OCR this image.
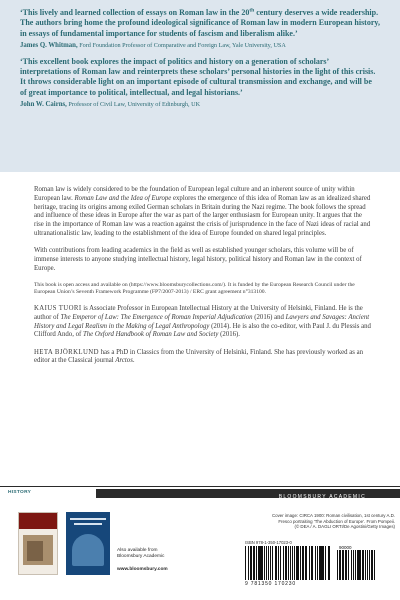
‘This lively and learned collection of essays on Roman law in the 20th century deserves a wide readership. The authors bring home the profound ideological significance of Roman law in modern European history, in essays of fundamental importance for students of fascism and liberalism alike.’
James Q. Whitman, Ford Foundation Professor of Comparative and Foreign Law, Yale University, USA
‘This excellent book explores the impact of politics and history on a generation of scholars’ interpretations of Roman law and reinterprets these scholars’ personal histories in the light of this crisis. It throws considerable light on an important episode of cultural transmission and exchange, and will be of great importance to political, intellectual, and legal historians.’
John W. Cairns, Professor of Civil Law, University of Edinburgh, UK

Roman law is widely considered to be the foundation of European legal culture and an inherent source of unity within European law. Roman Law and the Idea of Europe explores the emergence of this idea of Roman law as an idealized shared heritage, tracing its origins among exiled German scholars in Britain during the Nazi regime. The book follows the spread and influence of these ideas in Europe after the war as part of the larger enthusiasm for European unity. It argues that the rise in the importance of Roman law was a reaction against the crisis of jurisprudence in the face of Nazi ideas of racial and ultranationalistic law, leading to the establishment of the idea of Europe founded on shared legal principles.

With contributions from leading academics in the field as well as established younger scholars, this volume will be of immense interests to anyone studying intellectual history, legal history, political history and Roman law in the context of Europe.

This book is open access and available on (https://www.bloomsburycollections.com/). It is funded by the European Research Council under the European Union’s Seventh Framework Programme (FP7/2007-2013) / ERC grant agreement n°313100.

KAIUS TUORI is Associate Professor in European Intellectual History at the University of Helsinki, Finland. He is the author of The Emperor of Law: The Emergence of Roman Imperial Adjudication (2016) and Lawyers and Savages: Ancient History and Legal Realism in the Making of Legal Anthropology (2014). He is also the co-editor, with Paul J. du Plessis and Clifford Ando, of The Oxford Handbook of Roman Law and Society (2016).

HETA BJÖRKLUND has a PhD in Classics from the University of Helsinki, Finland. She has previously worked as an editor at the Classical journal Arctos.

HISTORY
BLOOMSBURY ACADEMIC
Also available from
Bloomsbury Academic
www.bloomsbury.com
Cover image: CIRCA 1900: Roman civilisation, 1st century A.D.
Fresco portraiting ‘The Abduction of Europe’. From Pompeii.
(© DEA / A. DAGLI ORTI/De Agostini/Getty Images)
ISBN 978-1-350-17023-0
9 781350 170230
90000
